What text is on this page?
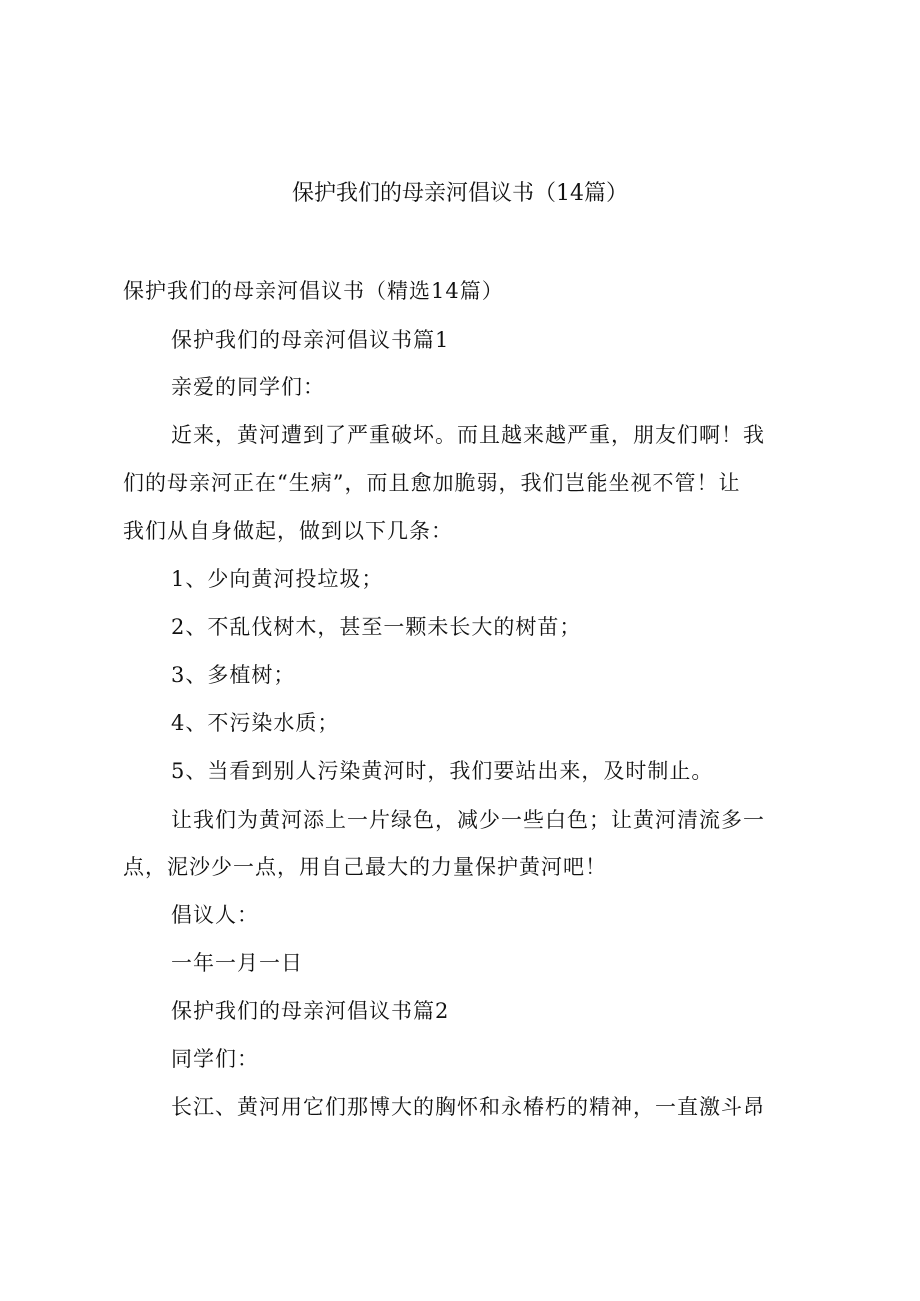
保护我们的母亲河倡议书（14篇）
保护我们的母亲河倡议书（精选14篇）
保护我们的母亲河倡议书篇1
亲爱的同学们：
近来，黄河遭到了严重破坏。而且越来越严重，朋友们啊！我
们的母亲河正在“生病”，而且愈加脆弱，我们岂能坐视不管！让
我们从自身做起，做到以下几条：
1、少向黄河投垃圾；
2、不乱伐树木，甚至一颗未长大的树苗；
3、多植树；
4、不污染水质；
5、当看到别人污染黄河时，我们要站出来，及时制止。
让我们为黄河添上一片绿色，减少一些白色；让黄河清流多一
点，泥沙少一点，用自己最大的力量保护黄河吧！
倡议人：
一年一月一日
保护我们的母亲河倡议书篇2
同学们：
长江、黄河用它们那博大的胸怀和永椿朽的精神，一直激斗昂
